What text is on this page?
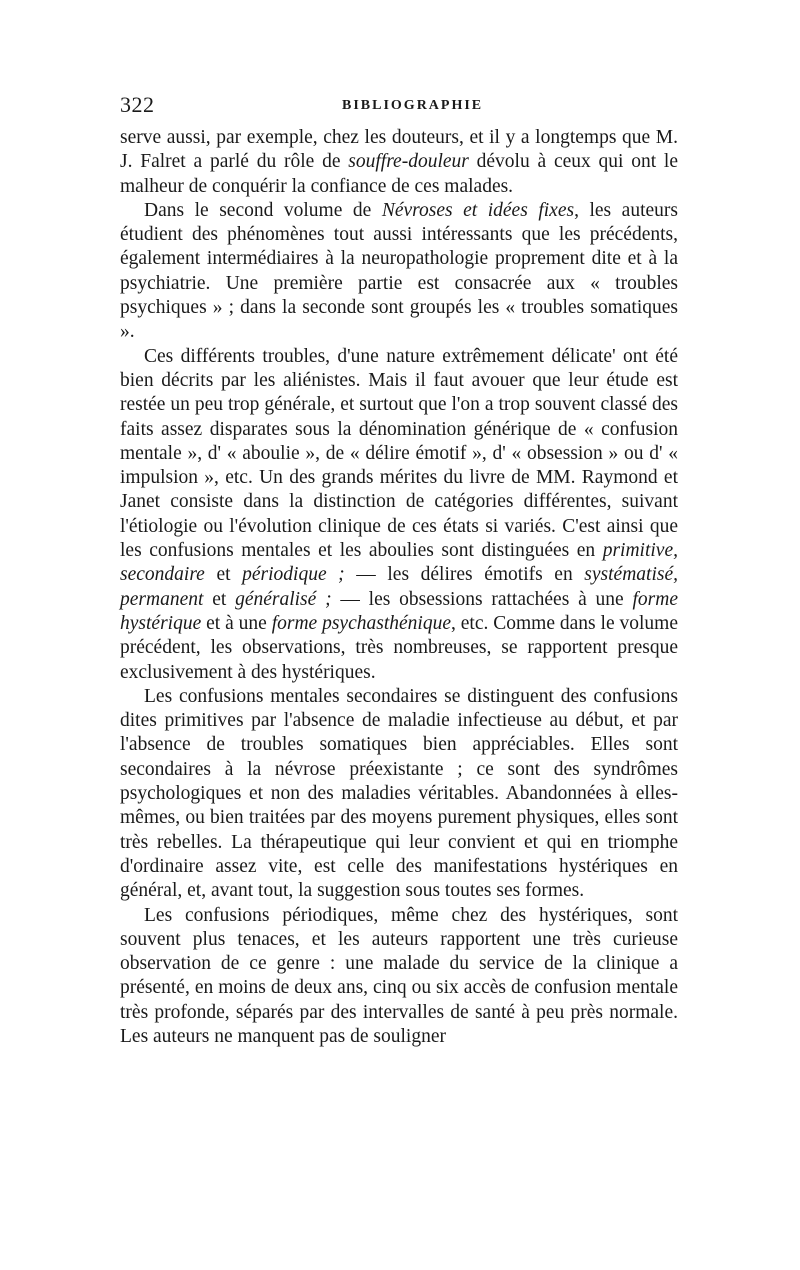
322	BIBLIOGRAPHIE

serve aussi, par exemple, chez les douteurs, et il y a longtemps que M. J. Falret a parlé du rôle de souffre-douleur dévolu à ceux qui ont le malheur de conquérir la confiance de ces malades.

Dans le second volume de Névroses et idées fixes, les auteurs étudient des phénomènes tout aussi intéressants que les précédents, également intermédiaires à la neuropathologie proprement dite et à la psychiatrie. Une première partie est consacrée aux « troubles psychiques » ; dans la seconde sont groupés les « troubles somatiques ».

Ces différents troubles, d'une nature extrêmement délicate' ont été bien décrits par les aliénistes. Mais il faut avouer que leur étude est restée un peu trop générale, et surtout que l'on a trop souvent classé des faits assez disparates sous la dénomination générique de « confusion mentale », d' « aboulie », de « délire émotif », d' « obsession » ou d' « impulsion », etc. Un des grands mérites du livre de MM. Raymond et Janet consiste dans la distinction de catégories différentes, suivant l'étiologie ou l'évolution clinique de ces états si variés. C'est ainsi que les confusions mentales et les aboulies sont distinguées en primitive, secondaire et périodique ; — les délires émotifs en systématisé, permanent et généralisé ; — les obsessions rattachées à une forme hystérique et à une forme psychasthénique, etc. Comme dans le volume précédent, les observations, très nombreuses, se rapportent presque exclusivement à des hystériques.

Les confusions mentales secondaires se distinguent des confusions dites primitives par l'absence de maladie infectieuse au début, et par l'absence de troubles somatiques bien appréciables. Elles sont secondaires à la névrose préexistante ; ce sont des syndrômes psychologiques et non des maladies véritables. Abandonnées à elles-mêmes, ou bien traitées par des moyens purement physiques, elles sont très rebelles. La thérapeutique qui leur convient et qui en triomphe d'ordinaire assez vite, est celle des manifestations hystériques en général, et, avant tout, la suggestion sous toutes ses formes.

Les confusions périodiques, même chez des hystériques, sont souvent plus tenaces, et les auteurs rapportent une très curieuse observation de ce genre : une malade du service de la clinique a présenté, en moins de deux ans, cinq ou six accès de confusion mentale très profonde, séparés par des intervalles de santé à peu près normale. Les auteurs ne manquent pas de souligner
